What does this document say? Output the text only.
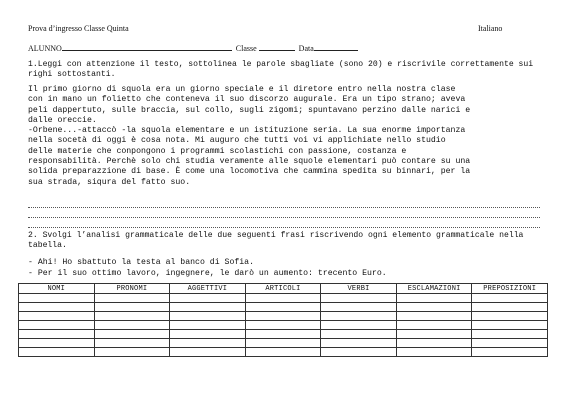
Prova d’ingresso Classe Quinta	Italiano
ALUNNO	Classe	Data
1.Leggi con attenzione il testo, sottolinea le parole sbagliate (sono 20) e riscrivile correttamente sui
righi sottostanti.
Il primo giorno di squola era un giorno speciale e il diretore entro nella nostra clase
con in mano un folietto che conteneva il suo discorzo augurale. Era un tipo strano; aveva
peli dappertuto, sulle braccia, sul collo, sugli zigomi; spuntavano perzino dalle narici e
dalle oreccie.
-Orbene...-attaccò -la squola elementare e un istituzione seria. La sua enorme importanza
nella socetà di oggi è cosa nota. Mi auguro che tutti voi vi applichiate nello studio
delle materie che conpongono i programmi scolastichi con passione, costanza e
responsabilità. Perchè solo chi studia veramente alle squole elementari può contare su una
solida preparazzione di base. È come una locomotiva che cammina spedita su binnari, per la
sua strada, siqura del fatto suo.
2. Svolgi l’analisi grammaticale delle due seguenti frasi riscrivendo ogni elemento grammaticale nella
tabella.
- Ahi! Ho sbattuto la testa al banco di Sofia.
- Per il suo ottimo lavoro, ingegnere, le darò un aumento: trecento Euro.
NOMI	PRONOMI	AGGETTIVI	ARTICOLI	VERBI	ESCLAMAZIONI	PREPOSIZIONI
